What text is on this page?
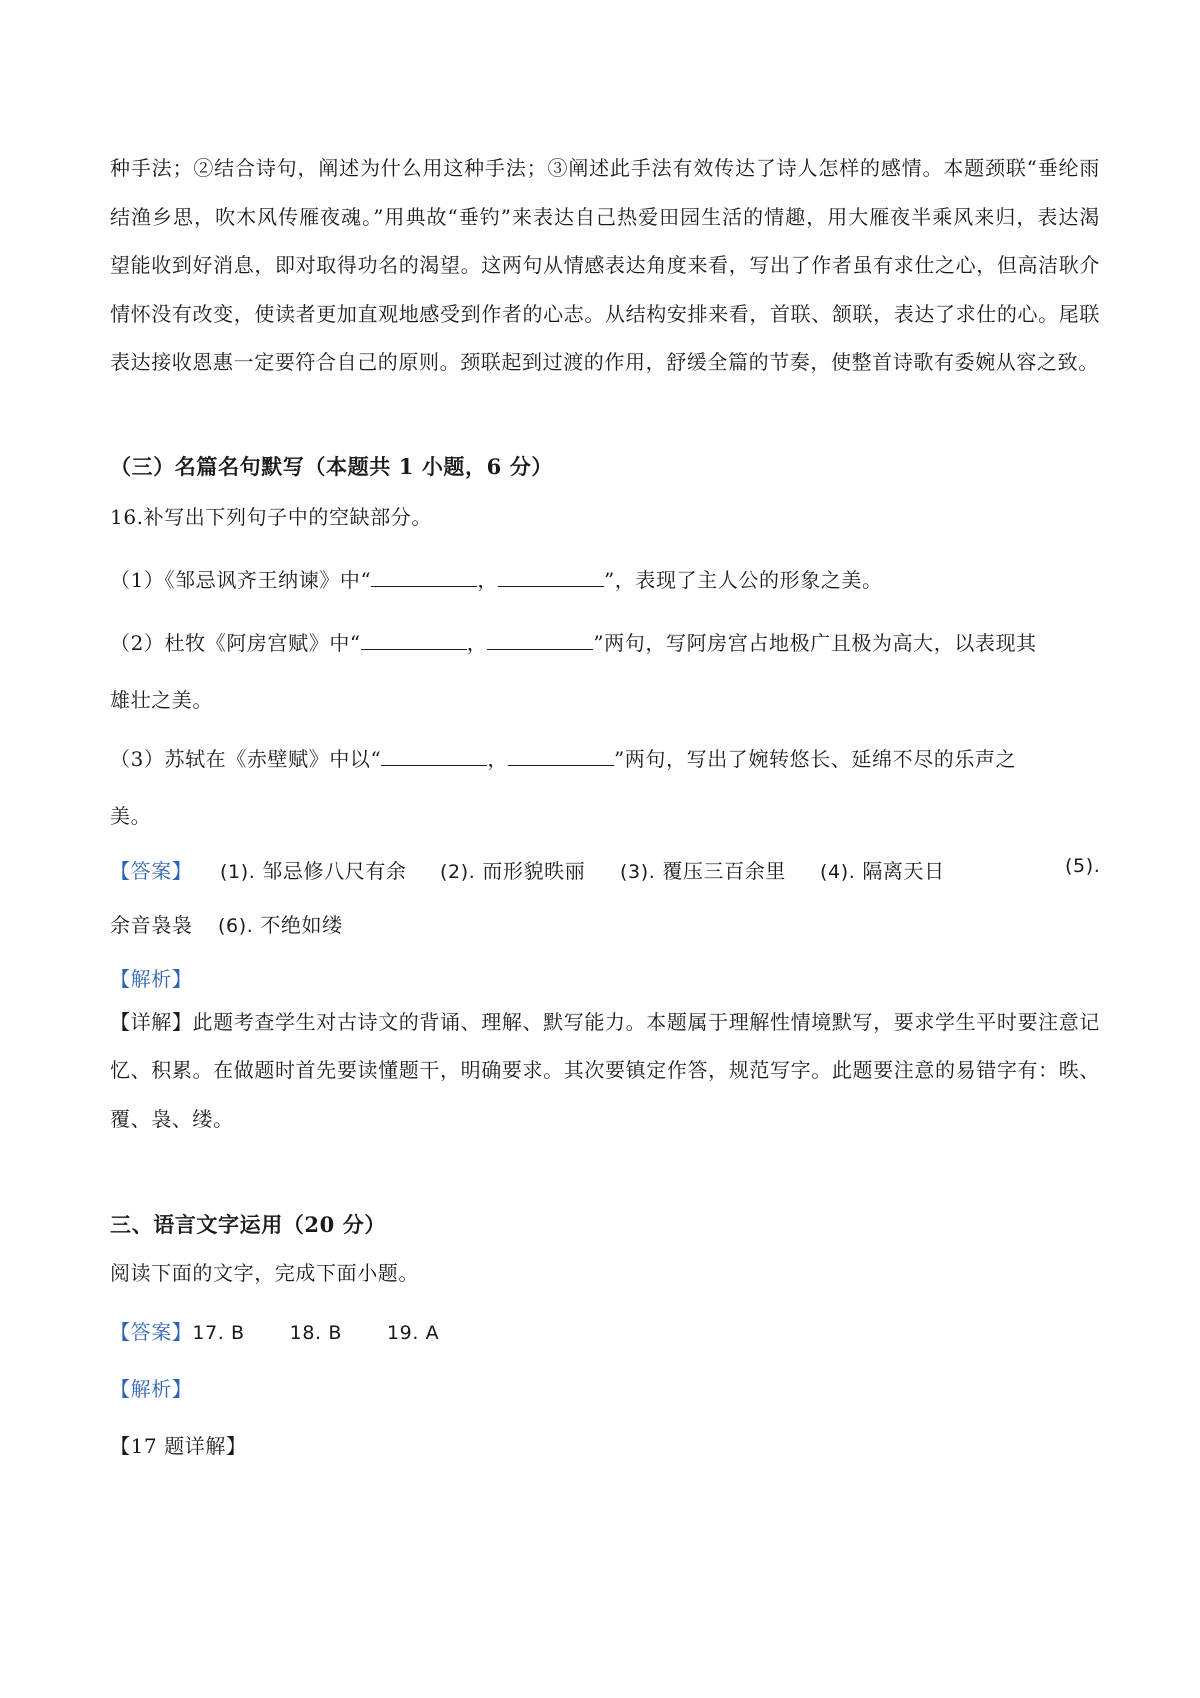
种手法；②结合诗句，阐述为什么用这种手法；③阐述此手法有效传达了诗人怎样的感情。本题颈联“垂纶雨结渔乡思，吹木风传雁夜魂。”用典故“垂钓”来表达自己热爱田园生活的情趣，用大雁夜半乘风来归，表达渴望能收到好消息，即对取得功名的渴望。这两句从情感表达角度来看，写出了作者虽有求仕之心，但高洁耿介情怀没有改变，使读者更加直观地感受到作者的心志。从结构安排来看，首联、颔联，表达了求仕的心。尾联表达接收恩惠一定要符合自己的原则。颈联起到过渡的作用，舒缓全篇的节奏，使整首诗歌有委婉从容之致。

（三）名篇名句默写（本题共 1 小题，6 分）

16.补写出下列句子中的空缺部分。

（1）《邹忌讽齐王纳谏》中“	，	”，表现了主人公的形象之美。

（2）杜牧《阿房宫赋》中“	，	”两句，写阿房宫占地极广且极为高大，以表现其

雄壮之美。

（3）苏轼在《赤壁赋》中以“	，	”两句，写出了婉转悠长、延绵不尽的乐声之

美。

【答案】 (1). 邹忌修八尺有余 (2). 而形貌昳丽 (3). 覆压三百余里 (4). 隔离天日	(5).
余音袅袅 (6). 不绝如缕

【解析】

【详解】此题考查学生对古诗文的背诵、理解、默写能力。本题属于理解性情境默写，要求学生平时要注意记忆、积累。在做题时首先要读懂题干，明确要求。其次要镇定作答，规范写字。此题要注意的易错字有：昳、覆、袅、缕。

三、语言文字运用（20 分）

阅读下面的文字，完成下面小题。

【答案】17. B 18. B 19. A

【解析】

【17 题详解】
